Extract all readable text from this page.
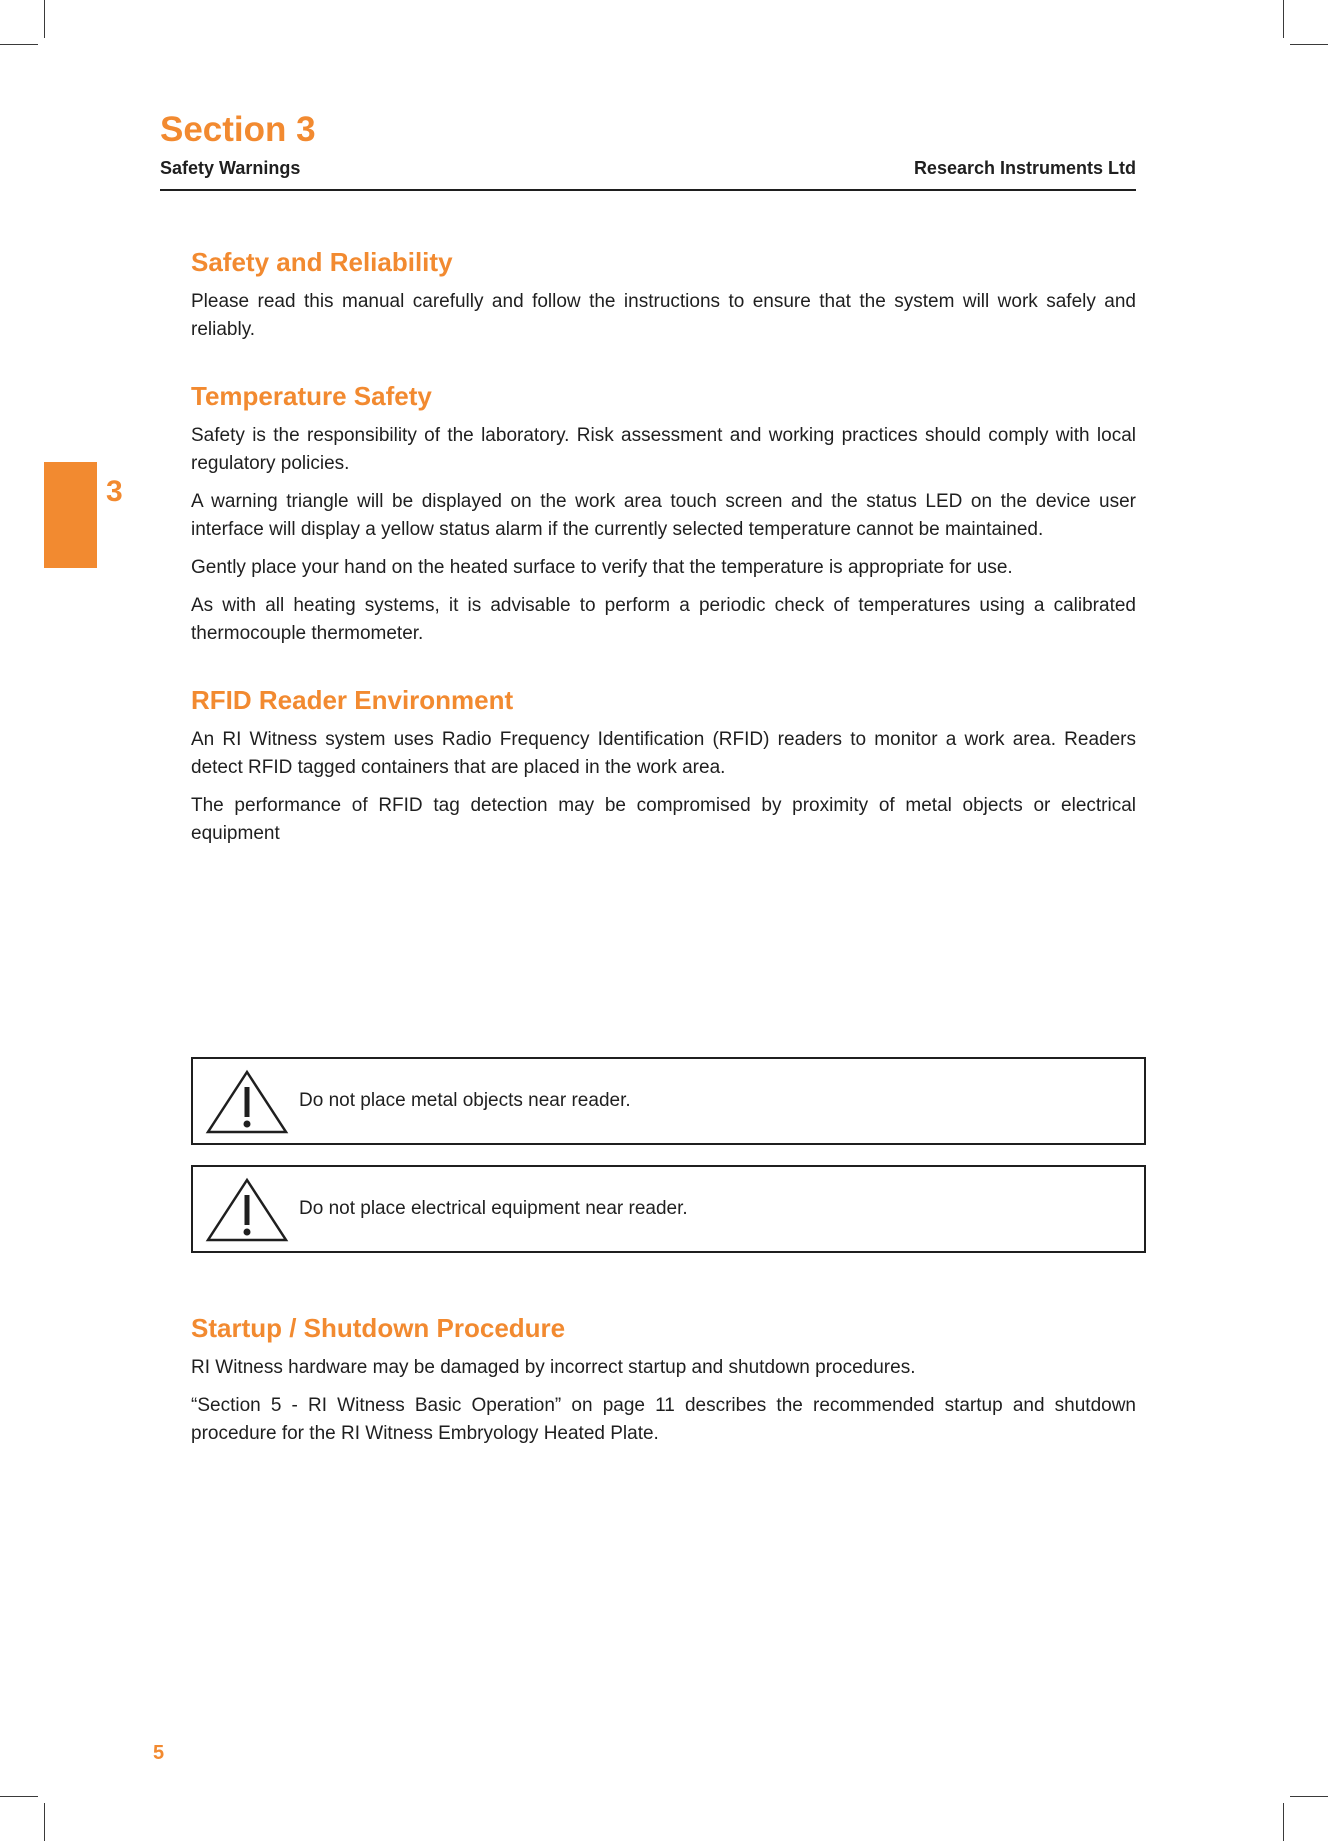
Section 3
Safety Warnings	Research Instruments Ltd
3
Safety and Reliability

Please read this manual carefully and follow the instructions to ensure that the system will work safely and reliably.

Temperature Safety

Safety is the responsibility of the laboratory. Risk assessment and working practices should comply with local regulatory policies.

A warning triangle will be displayed on the work area touch screen and the status LED on the device user interface will display a yellow status alarm if the currently selected temperature cannot be maintained.

Gently place your hand on the heated surface to verify that the temperature is appropriate for use.

As with all heating systems, it is advisable to perform a periodic check of temperatures using a calibrated thermocouple thermometer.

RFID Reader Environment

An RI Witness system uses Radio Frequency Identification (RFID) readers to monitor a work area. Readers detect RFID tagged containers that are placed in the work area.

The performance of RFID tag detection may be compromised by proximity of metal objects or electrical equipment

Do not place metal objects near reader.
Do not place electrical equipment near reader.
Startup / Shutdown Procedure

RI Witness hardware may be damaged by incorrect startup and shutdown procedures.

“Section 5 - RI Witness Basic Operation” on page 11 describes the recommended startup and shutdown procedure for the RI Witness Embryology Heated Plate.

5
